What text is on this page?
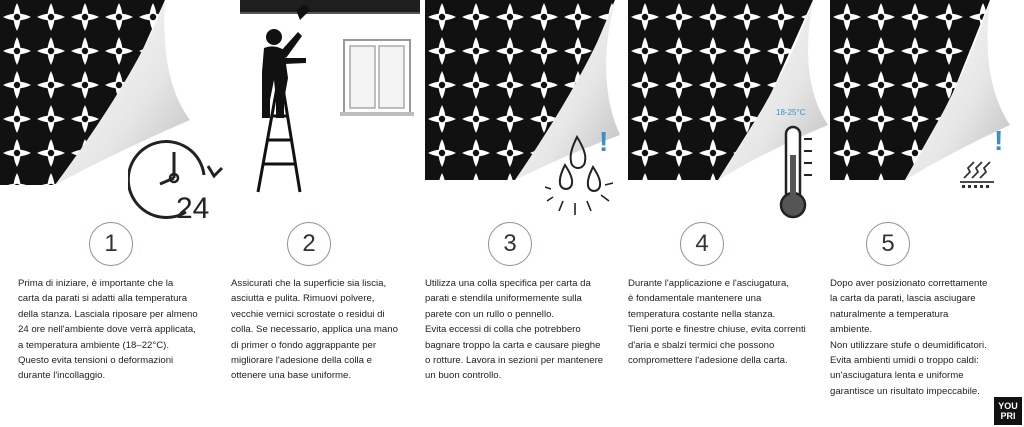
24
!
18-25°C
!
1	2	3	4	5
Prima di iniziare, è importante che la
carta da parati si adatti alla temperatura
della stanza. Lasciala riposare per almeno
24 ore nell'ambiente dove verrà applicata,
a temperatura ambiente (18–22°C).
Questo evita tensioni o deformazioni
durante l'incollaggio.
Assicurati che la superficie sia liscia,
asciutta e pulita. Rimuovi polvere,
vecchie vernici scrostate o residui di
colla. Se necessario, applica una mano
di primer o fondo aggrappante per
migliorare l'adesione della colla e
ottenere una base uniforme.
Utilizza una colla specifica per carta da
parati e stendila uniformemente sulla
parete con un rullo o pennello.
Evita eccessi di colla che potrebbero
bagnare troppo la carta e causare pieghe
o rotture. Lavora in sezioni per mantenere
un buon controllo.
Durante l'applicazione e l'asciugatura,
è fondamentale mantenere una
temperatura costante nella stanza.
Tieni porte e finestre chiuse, evita correnti
d'aria e sbalzi termici che possono
compromettere l'adesione della carta.
Dopo aver posizionato correttamente
la carta da parati, lascia asciugare
naturalmente a temperatura
ambiente.
Non utilizzare stufe o deumidificatori.
Evita ambienti umidi o troppo caldi:
un'asciugatura lenta e uniforme
garantisce un risultato impeccabile.
YOU
PRI
